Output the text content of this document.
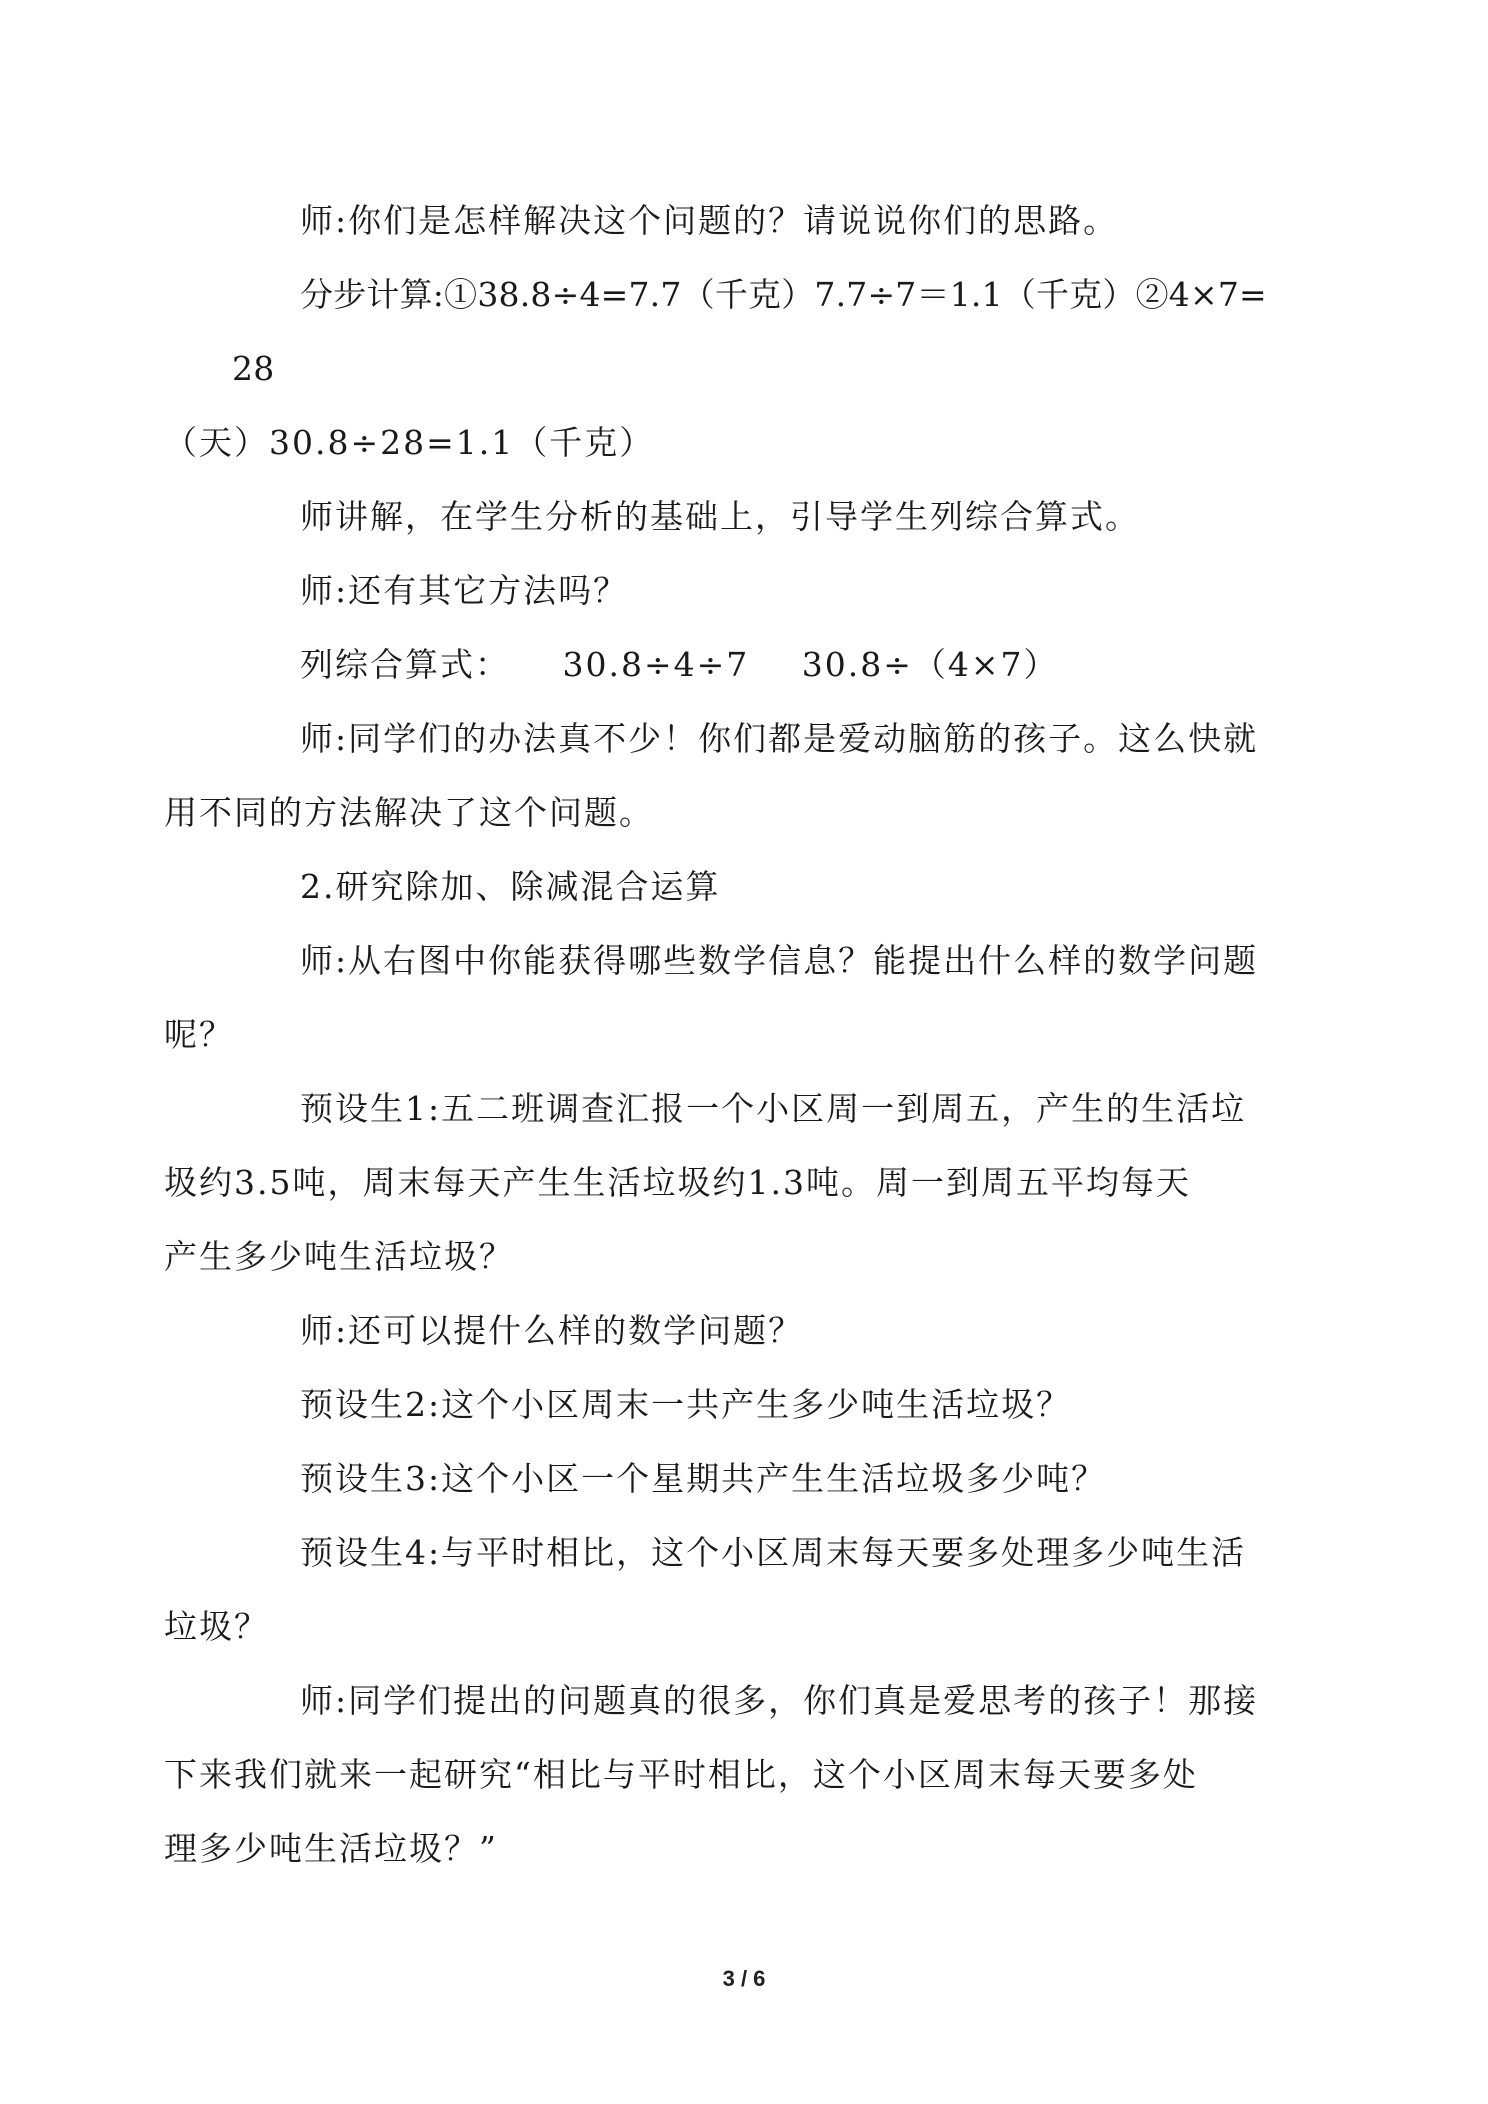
师:你们是怎样解决这个问题的？请说说你们的思路。

分步计算:①38.8÷4=7.7（千克）7.7÷7＝1.1（千克）②4×7=28
（天）30.8÷28=1.1（千克）

师讲解，在学生分析的基础上，引导学生列综合算式。

师:还有其它方法吗？

列综合算式： 30.8÷4÷7 30.8÷（4×7）

师:同学们的办法真不少！你们都是爱动脑筋的孩子。这么快就
用不同的方法解决了这个问题。

2.研究除加、除减混合运算

师:从右图中你能获得哪些数学信息？能提出什么样的数学问题
呢？

预设生1:五二班调查汇报一个小区周一到周五，产生的生活垃
圾约3.5吨，周末每天产生生活垃圾约1.3吨。周一到周五平均每天
产生多少吨生活垃圾？

师:还可以提什么样的数学问题？

预设生2:这个小区周末一共产生多少吨生活垃圾？

预设生3:这个小区一个星期共产生生活垃圾多少吨？

预设生4:与平时相比，这个小区周末每天要多处理多少吨生活
垃圾？

师:同学们提出的问题真的很多，你们真是爱思考的孩子！那接
下来我们就来一起研究“相比与平时相比，这个小区周末每天要多处
理多少吨生活垃圾？”

3 / 6
